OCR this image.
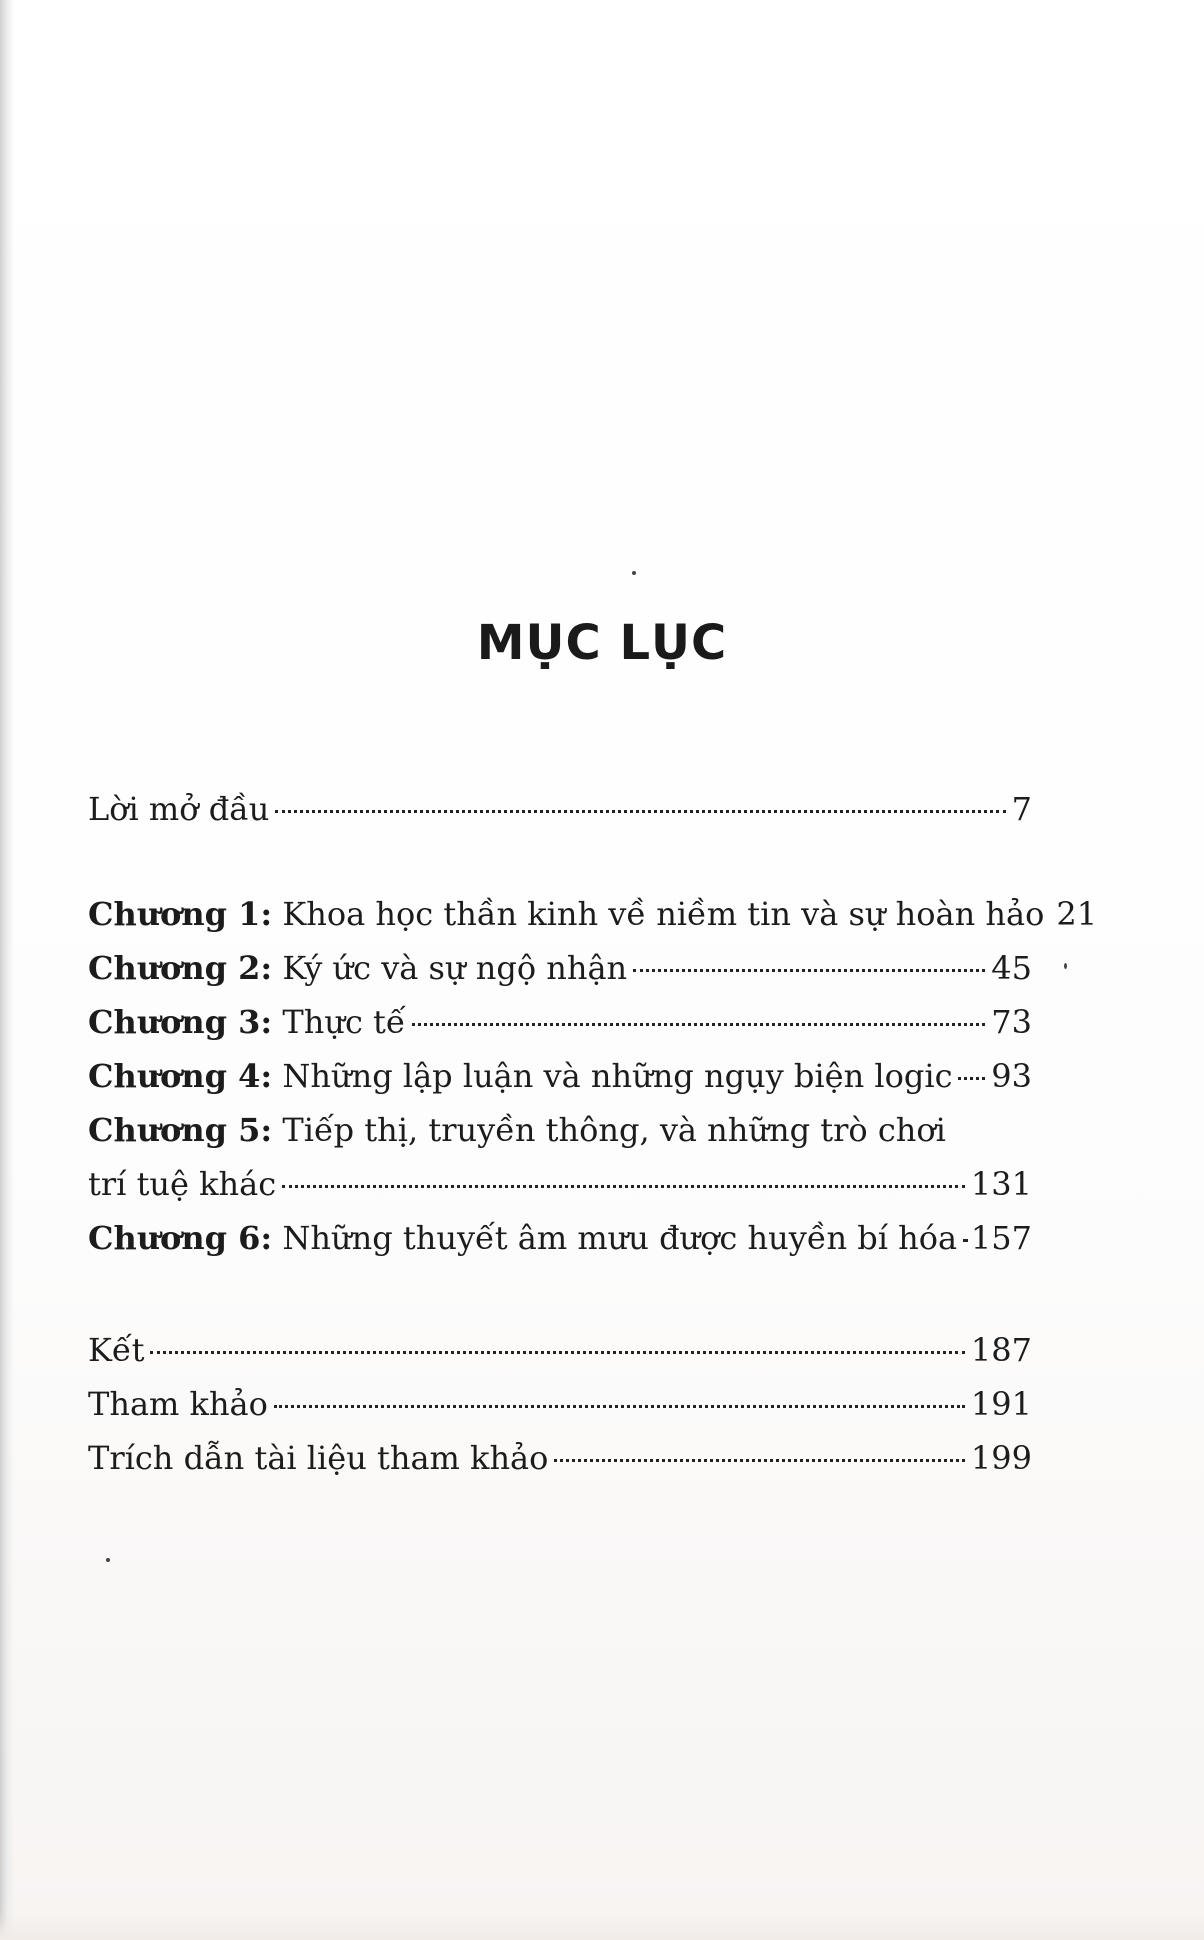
MỤC LỤC
Lời mở đầu	7
Chương 1: Khoa học thần kinh về niềm tin và sự hoàn hảo 21
Chương 2: Ký ức và sự ngộ nhận	45
Chương 3: Thực tế	73
Chương 4: Những lập luận và những ngụy biện logic 93
Chương 5: Tiếp thị, truyền thông, và những trò chơi
trí tuệ khác	131
Chương 6: Những thuyết âm mưu được huyền bí hóa 157
Kết	187
Tham khảo	191
Trích dẫn tài liệu tham khảo	199
